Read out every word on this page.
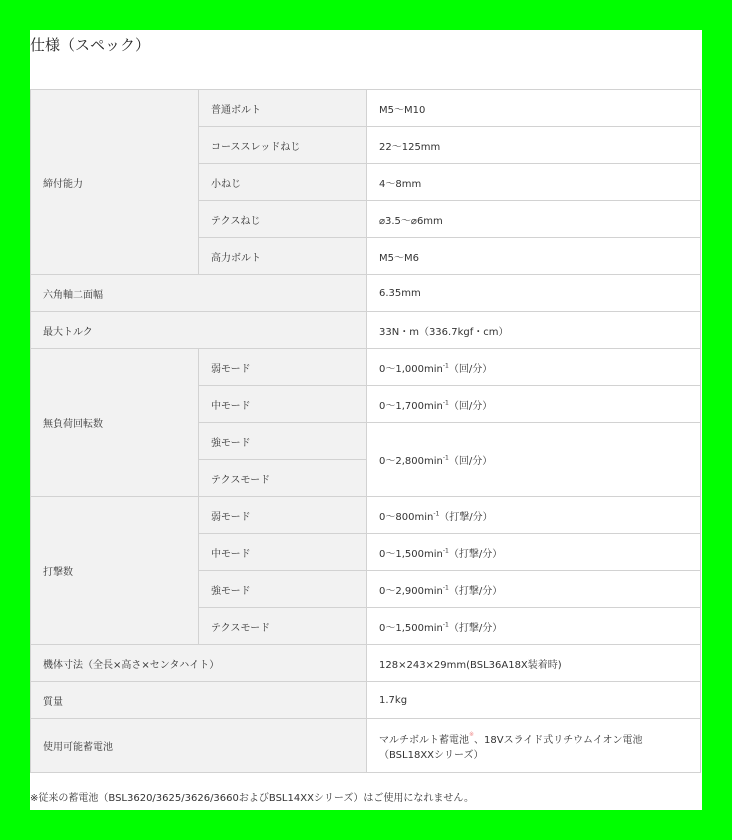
仕様（スペック）
締付能力	普通ボルト	M5～M10
	コーススレッドねじ	22～125mm
	小ねじ	4～8mm
	テクスねじ	⌀3.5～⌀6mm
	高力ボルト	M5～M6
六角軸二面幅		6.35mm
最大トルク		33N・m（336.7kgf・cm）
無負荷回転数	弱モード	$0\sim 1,000\min^{-1}$（回/分）
	中モード	$0\sim 1,700\min^{-1}$（回/分）
	強モード	$0\sim 2,800\min^{-1}$（回/分）
	テクスモード	
打撃数	弱モード	$0\sim 800\min^{-1}$（打撃/分）
	中モード	$0\sim 1,500\min^{-1}$（打撃/分）
	強モード	$0\sim 2,900\min^{-1}$（打撃/分）
	テクスモード	$0\sim 1,500\min^{-1}$（打撃/分）
機体寸法（全長×高さ×センタハイト）		128×243×29mm(BSL36A18X装着時)
質量		1.7kg
使用可能蓄電池		マルチボルト蓄電池※、18Vスライド式リチウムイオン電池
（BSL18XXシリーズ）
※従来の蓄電池（BSL3620/3625/3626/3660およびBSL14XXシリーズ）はご使用になれません。
